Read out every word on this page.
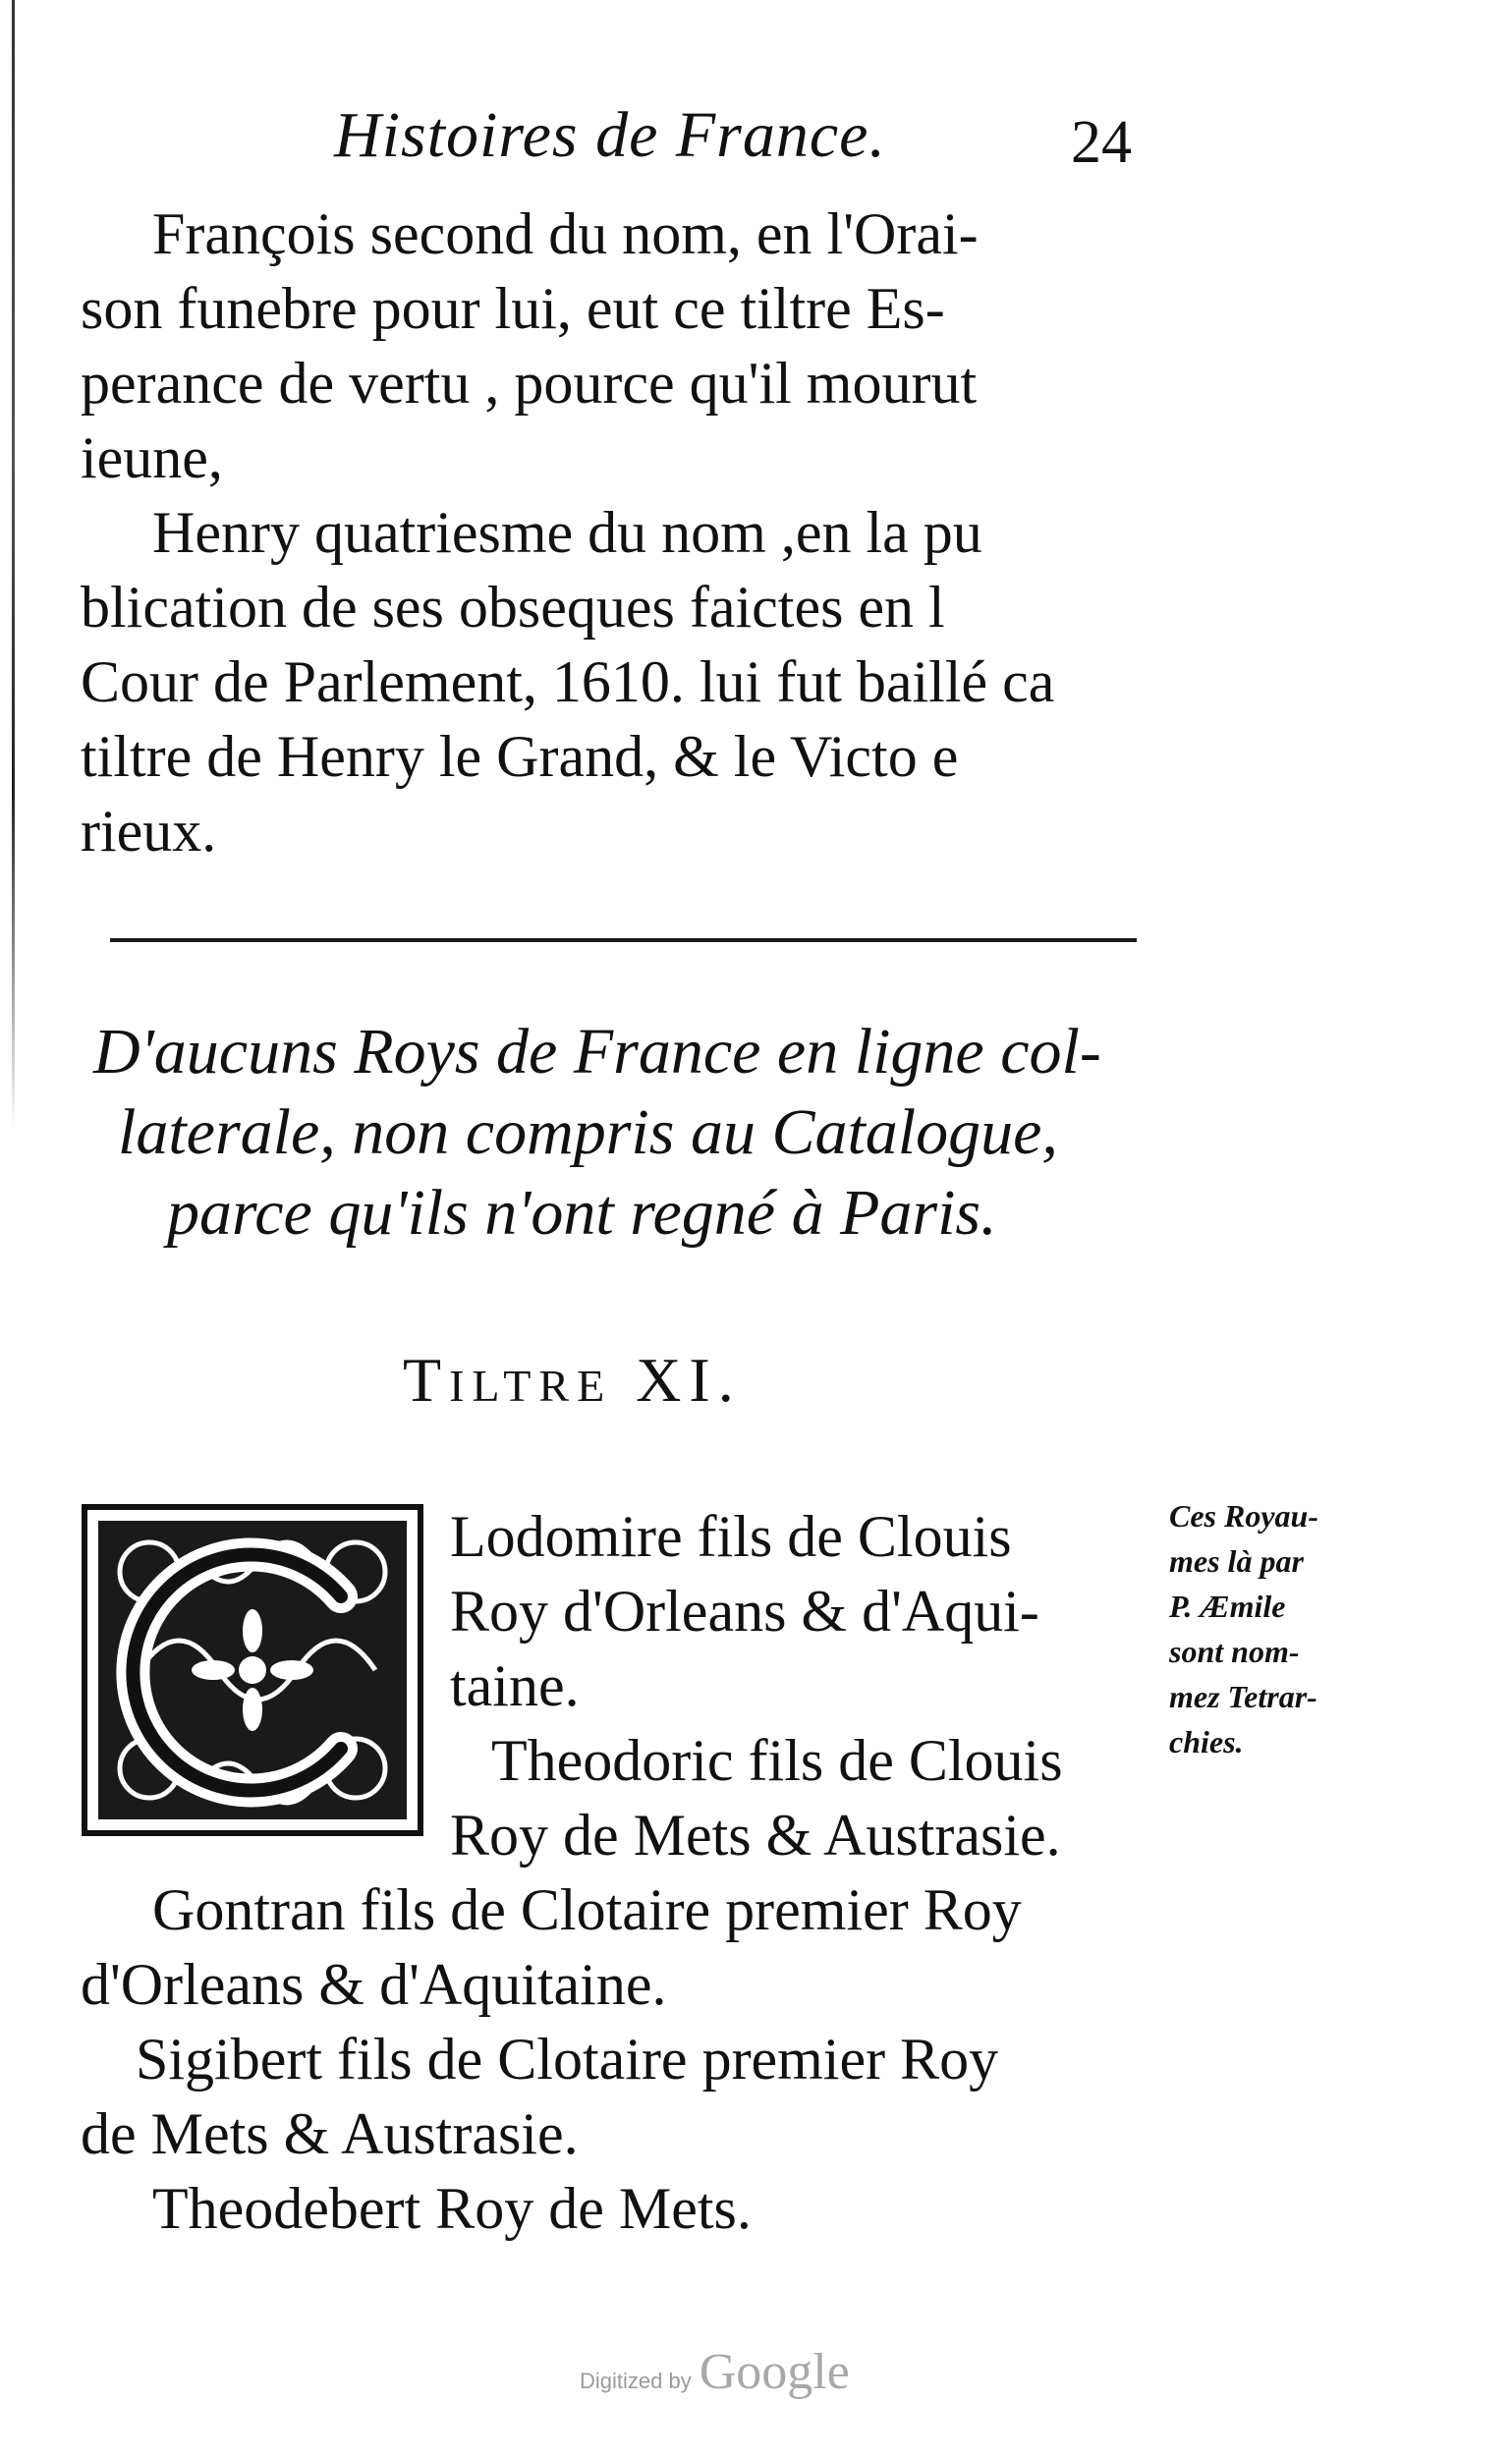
Histoires de France.	24
François second du nom, en l'Orai-
son funebre pour lui, eut ce tiltre Es-
perance de vertu , pource qu'il mourut
ieune,
Henry quatriesme du nom ,en la pu
blication de ses obseques faictes en l
Cour de Parlement, 1610. lui fut baillé ca
tiltre de Henry le Grand, & le Victo e
rieux.
D'aucuns Roys de France en ligne col-
laterale, non compris au Catalogue,
parce qu'ils n'ont regné à Paris.
TILTRE XI.
Lodomire fils de Clouis
Roy d'Orleans & d'Aqui-
taine.
Theodoric fils de Clouis
Roy de Mets & Austrasie.
Gontran fils de Clotaire premier Roy
d'Orleans & d'Aquitaine.
Sigibert fils de Clotaire premier Roy
de Mets & Austrasie.
Theodebert Roy de Mets.
Ces Royau-
mes là par
P. Æmile
sont nom-
mez Tetrar-
chies.
Digitized by Google
